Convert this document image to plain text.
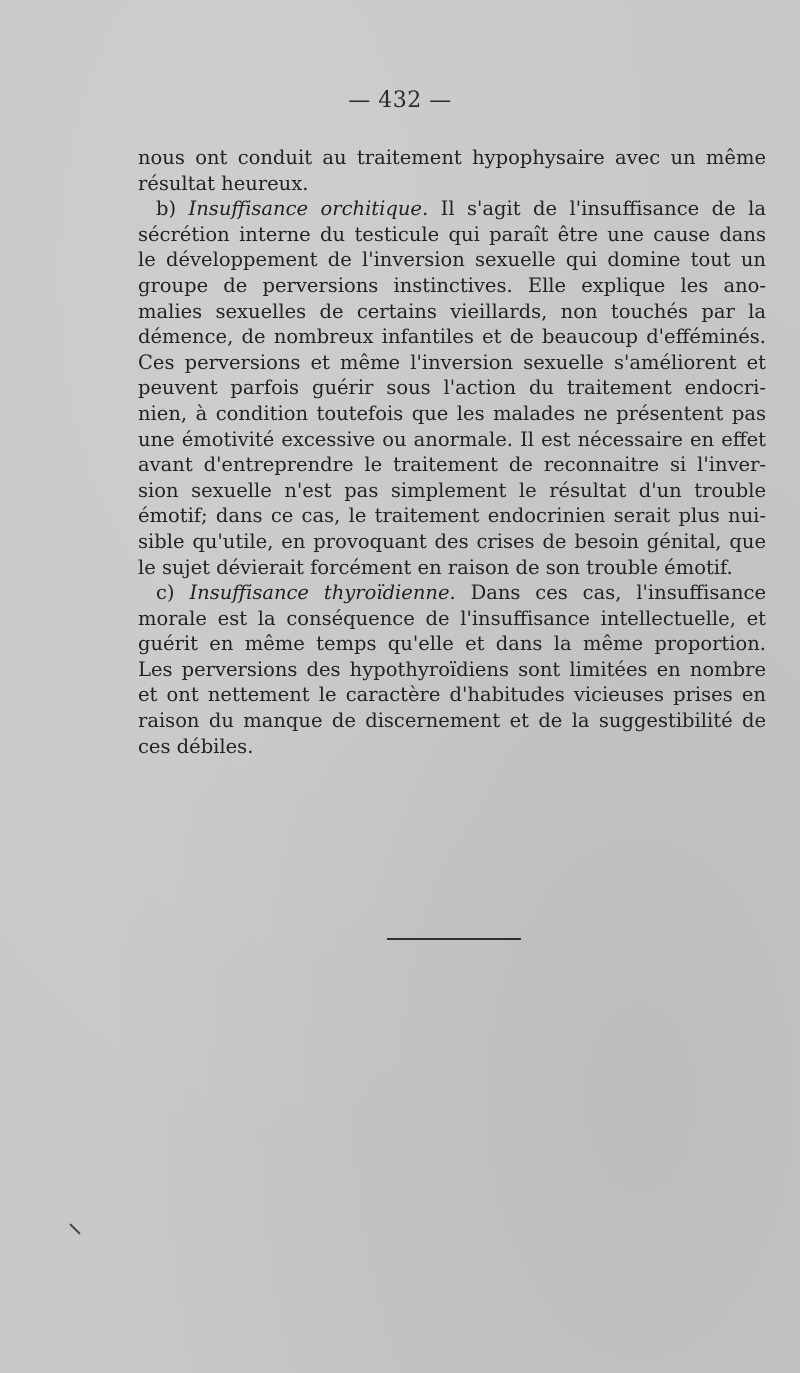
— 432 —
nous ont conduit au traitement hypophysaire avec un même
résultat heureux.
b) Insuffisance orchitique. Il s'agit de l'insuffisance de la
sécrétion interne du testicule qui paraît être une cause dans
le développement de l'inversion sexuelle qui domine tout un
groupe de perversions instinctives. Elle explique les ano-
malies sexuelles de certains vieillards, non touchés par la
démence, de nombreux infantiles et de beaucoup d'efféminés.
Ces perversions et même l'inversion sexuelle s'améliorent et
peuvent parfois guérir sous l'action du traitement endocri-
nien, à condition toutefois que les malades ne présentent pas
une émotivité excessive ou anormale. Il est nécessaire en effet
avant d'entreprendre le traitement de reconnaitre si l'inver-
sion sexuelle n'est pas simplement le résultat d'un trouble
émotif; dans ce cas, le traitement endocrinien serait plus nui-
sible qu'utile, en provoquant des crises de besoin génital, que
le sujet dévierait forcément en raison de son trouble émotif.
c) Insuffisance thyroïdienne. Dans ces cas, l'insuffisance
morale est la conséquence de l'insuffisance intellectuelle, et
guérit en même temps qu'elle et dans la même proportion.
Les perversions des hypothyroïdiens sont limitées en nombre
et ont nettement le caractère d'habitudes vicieuses prises en
raison du manque de discernement et de la suggestibilité de
ces débiles.
